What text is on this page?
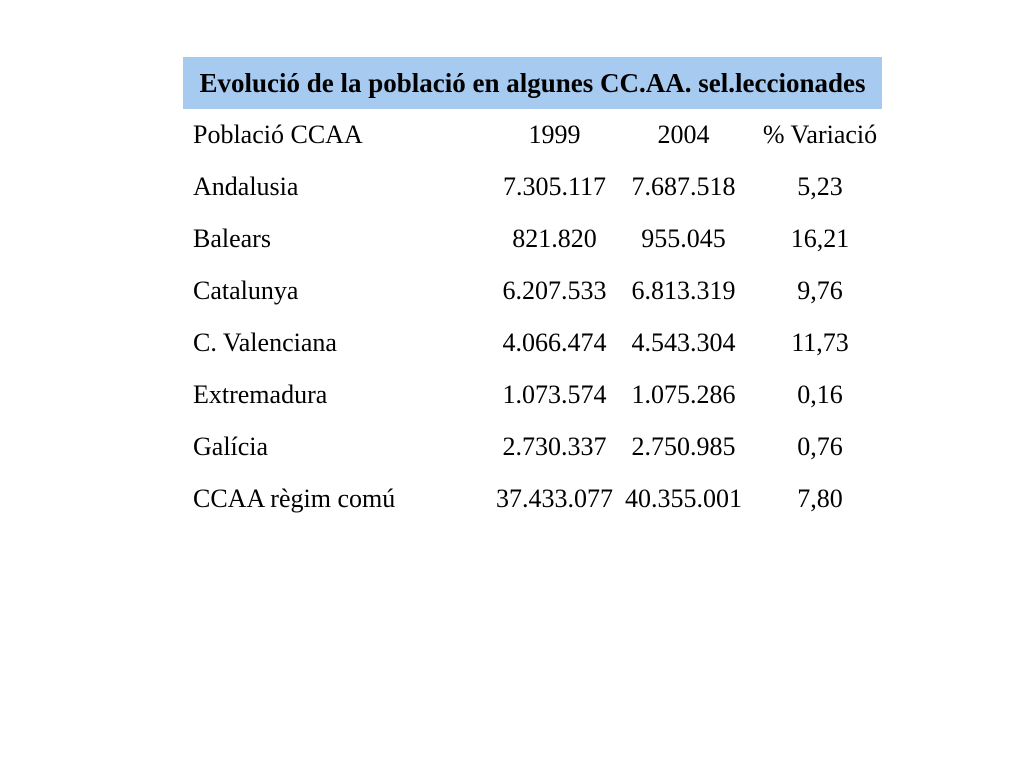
Evolució de la població en algunes CC.AA. sel.leccionades
Població CCAA	1999	2004	% Variació
Andalusia	7.305.117	7.687.518	5,23
Balears	821.820	955.045	16,21
Catalunya	6.207.533	6.813.319	9,76
C. Valenciana	4.066.474	4.543.304	11,73
Extremadura	1.073.574	1.075.286	0,16
Galícia	2.730.337	2.750.985	0,76
CCAA règim comú	37.433.077	40.355.001	7,80
